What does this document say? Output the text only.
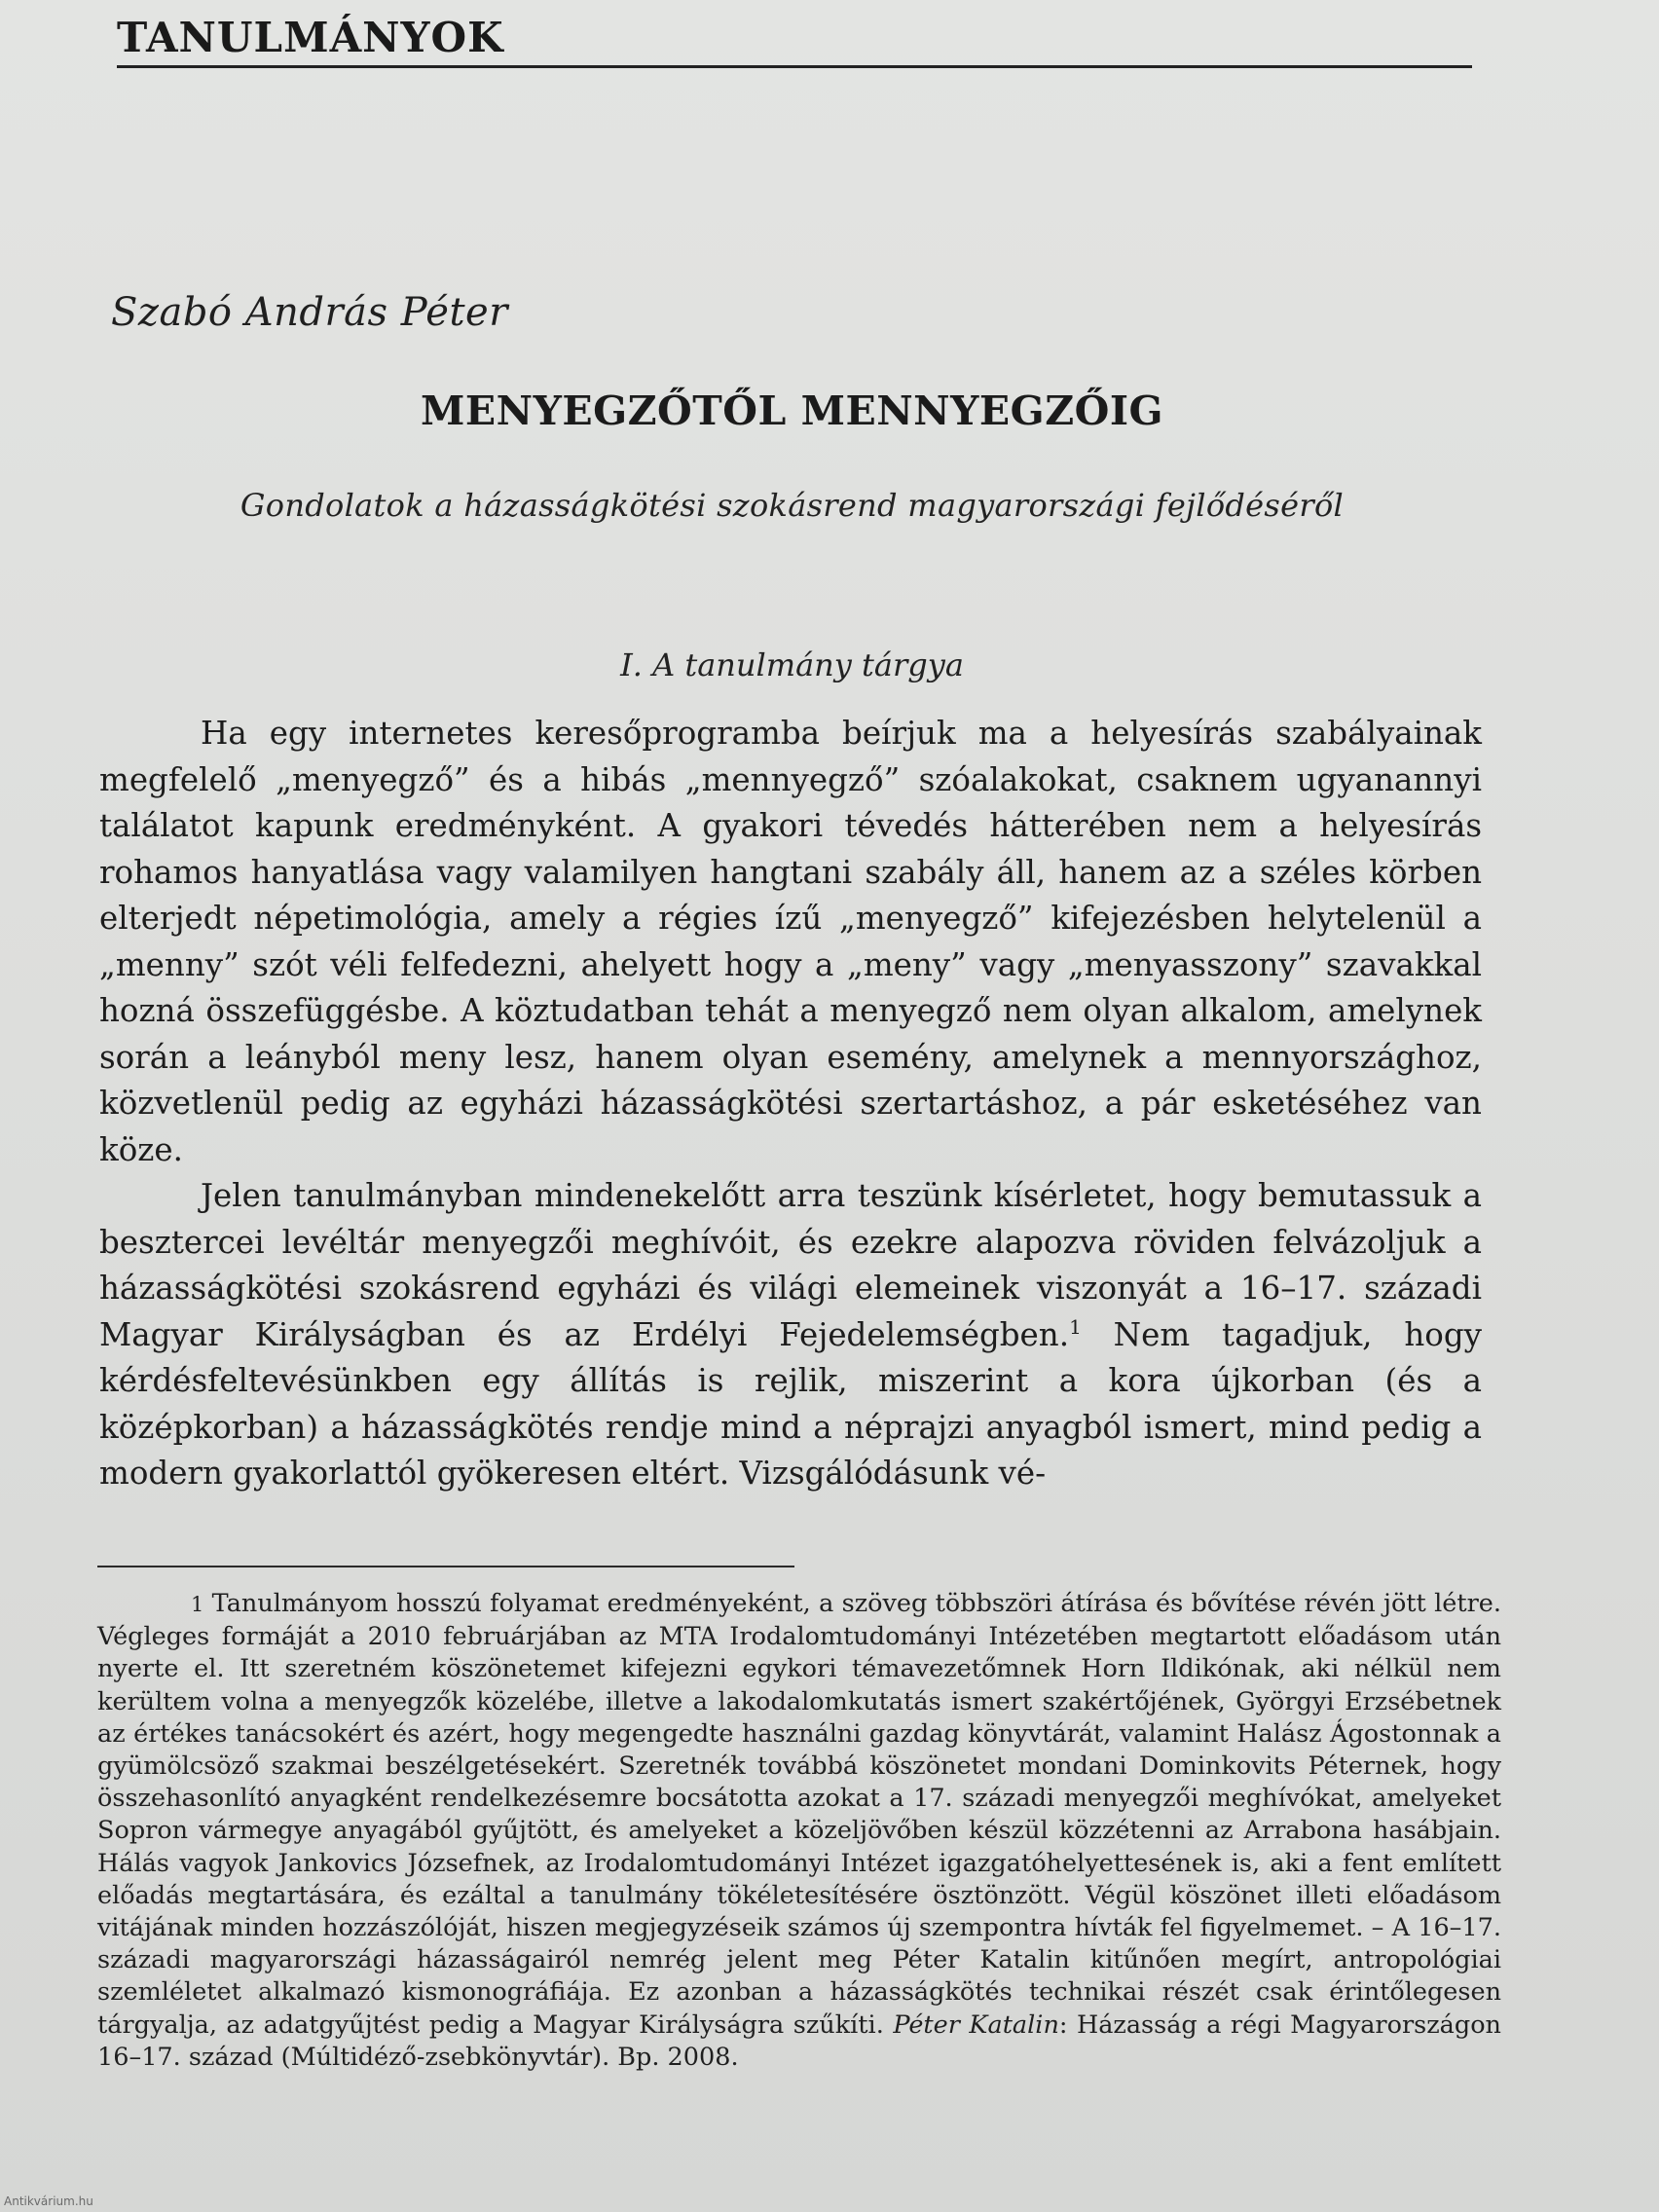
TANULMÁNYOK
Szabó András Péter
MENYEGZŐTŐL MENNYEGZŐIG
Gondolatok a házasságkötési szokásrend magyarországi fejlődéséről
I. A tanulmány tárgya

Ha egy internetes keresőprogramba beírjuk ma a helyesírás szabályainak megfelelő „menyegző” és a hibás „mennyegző” szóalakokat, csaknem ugyanannyi találatot kapunk eredményként. A gyakori tévedés hátterében nem a helyesírás rohamos hanyatlása vagy valamilyen hangtani szabály áll, hanem az a széles körben elterjedt népetimológia, amely a régies ízű „menyegző” kifejezésben helytelenül a „menny” szót véli felfedezni, ahelyett hogy a „meny” vagy „menyasszony” szavakkal hozná összefüggésbe. A köztudatban tehát a menyegző nem olyan alkalom, amelynek során a leányból meny lesz, hanem olyan esemény, amelynek a mennyországhoz, közvetlenül pedig az egyházi házasságkötési szertartáshoz, a pár esketéséhez van köze.

Jelen tanulmányban mindenekelőtt arra teszünk kísérletet, hogy bemutassuk a besztercei levéltár menyegzői meghívóit, és ezekre alapozva röviden felvázoljuk a házasságkötési szokásrend egyházi és világi elemeinek viszonyát a 16–17. századi Magyar Királyságban és az Erdélyi Fejedelemségben.$^1$ Nem tagadjuk, hogy kérdésfeltevésünkben egy állítás is rejlik, miszerint a kora újkorban (és a középkorban) a házasságkötés rendje mind a néprajzi anyagból ismert, mind pedig a modern gyakorlattól gyökeresen eltért. Vizsgálódásunk vé-

1 Tanulmányom hosszú folyamat eredményeként, a szöveg többszöri átírása és bővítése révén jött létre. Végleges formáját a 2010 februárjában az MTA Irodalomtudományi Intézetében megtartott előadásom után nyerte el. Itt szeretném köszönetemet kifejezni egykori témavezetőmnek Horn Ildikónak, aki nélkül nem kerültem volna a menyegzők közelébe, illetve a lakodalomkutatás ismert szakértőjének, Györgyi Erzsébetnek az értékes tanácsokért és azért, hogy megengedte használni gazdag könyvtárát, valamint Halász Ágostonnak a gyümölcsöző szakmai beszélgetésekért. Szeretnék továbbá köszönetet mondani Dominkovits Péternek, hogy összehasonlító anyagként rendelkezésemre bocsátotta azokat a 17. századi menyegzői meghívókat, amelyeket Sopron vármegye anyagából gyűjtött, és amelyeket a közeljövőben készül közzétenni az Arrabona hasábjain. Hálás vagyok Jankovics Józsefnek, az Irodalomtudományi Intézet igazgatóhelyettesének is, aki a fent említett előadás megtartására, és ezáltal a tanulmány tökéletesítésére ösztönzött. Végül köszönet illeti előadásom vitájának minden hozzászólóját, hiszen megjegyzéseik számos új szempontra hívták fel figyelmemet. – A 16–17. századi magyarországi házasságairól nemrég jelent meg Péter Katalin kitűnően megírt, antropológiai szemléletet alkalmazó kismonográfiája. Ez azonban a házasságkötés technikai részét csak érintőlegesen tárgyalja, az adatgyűjtést pedig a Magyar Királyságra szűkíti. Péter Katalin: Házasság a régi Magyarországon 16–17. század (Múltidéző-zsebkönyvtár). Bp. 2008.
Antikvárium.hu
